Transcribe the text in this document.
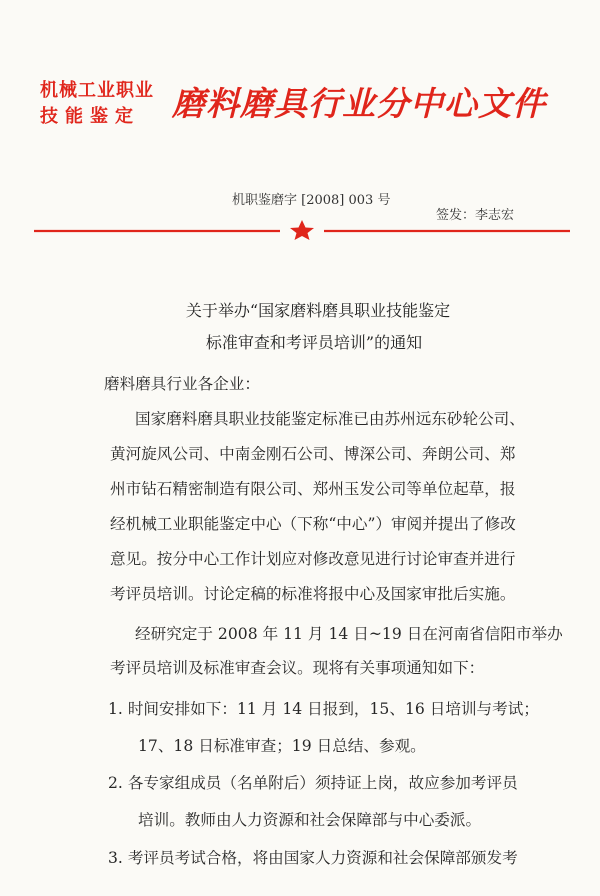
机械工业职业
技能鉴定 磨料磨具行业分中心文件
机职鉴磨字 [2008] 003 号
签发：李志宏
关于举办“国家磨料磨具职业技能鉴定
标准审查和考评员培训”的通知
磨料磨具行业各企业：
国家磨料磨具职业技能鉴定标准已由苏州远东砂轮公司、
黄河旋风公司、中南金刚石公司、博深公司、奔朗公司、郑
州市钻石精密制造有限公司、郑州玉发公司等单位起草，报
经机械工业职能鉴定中心（下称“中心”）审阅并提出了修改
意见。按分中心工作计划应对修改意见进行讨论审查并进行
考评员培训。讨论定稿的标准将报中心及国家审批后实施。
经研究定于 2008 年 11 月 14 日~19 日在河南省信阳市举办
考评员培训及标准审查会议。现将有关事项通知如下：
1. 时间安排如下：11 月 14 日报到，15、16 日培训与考试；
17、18 日标准审查；19 日总结、参观。
2. 各专家组成员（名单附后）须持证上岗，故应参加考评员
培训。教师由人力资源和社会保障部与中心委派。
3. 考评员考试合格，将由国家人力资源和社会保障部颁发考
